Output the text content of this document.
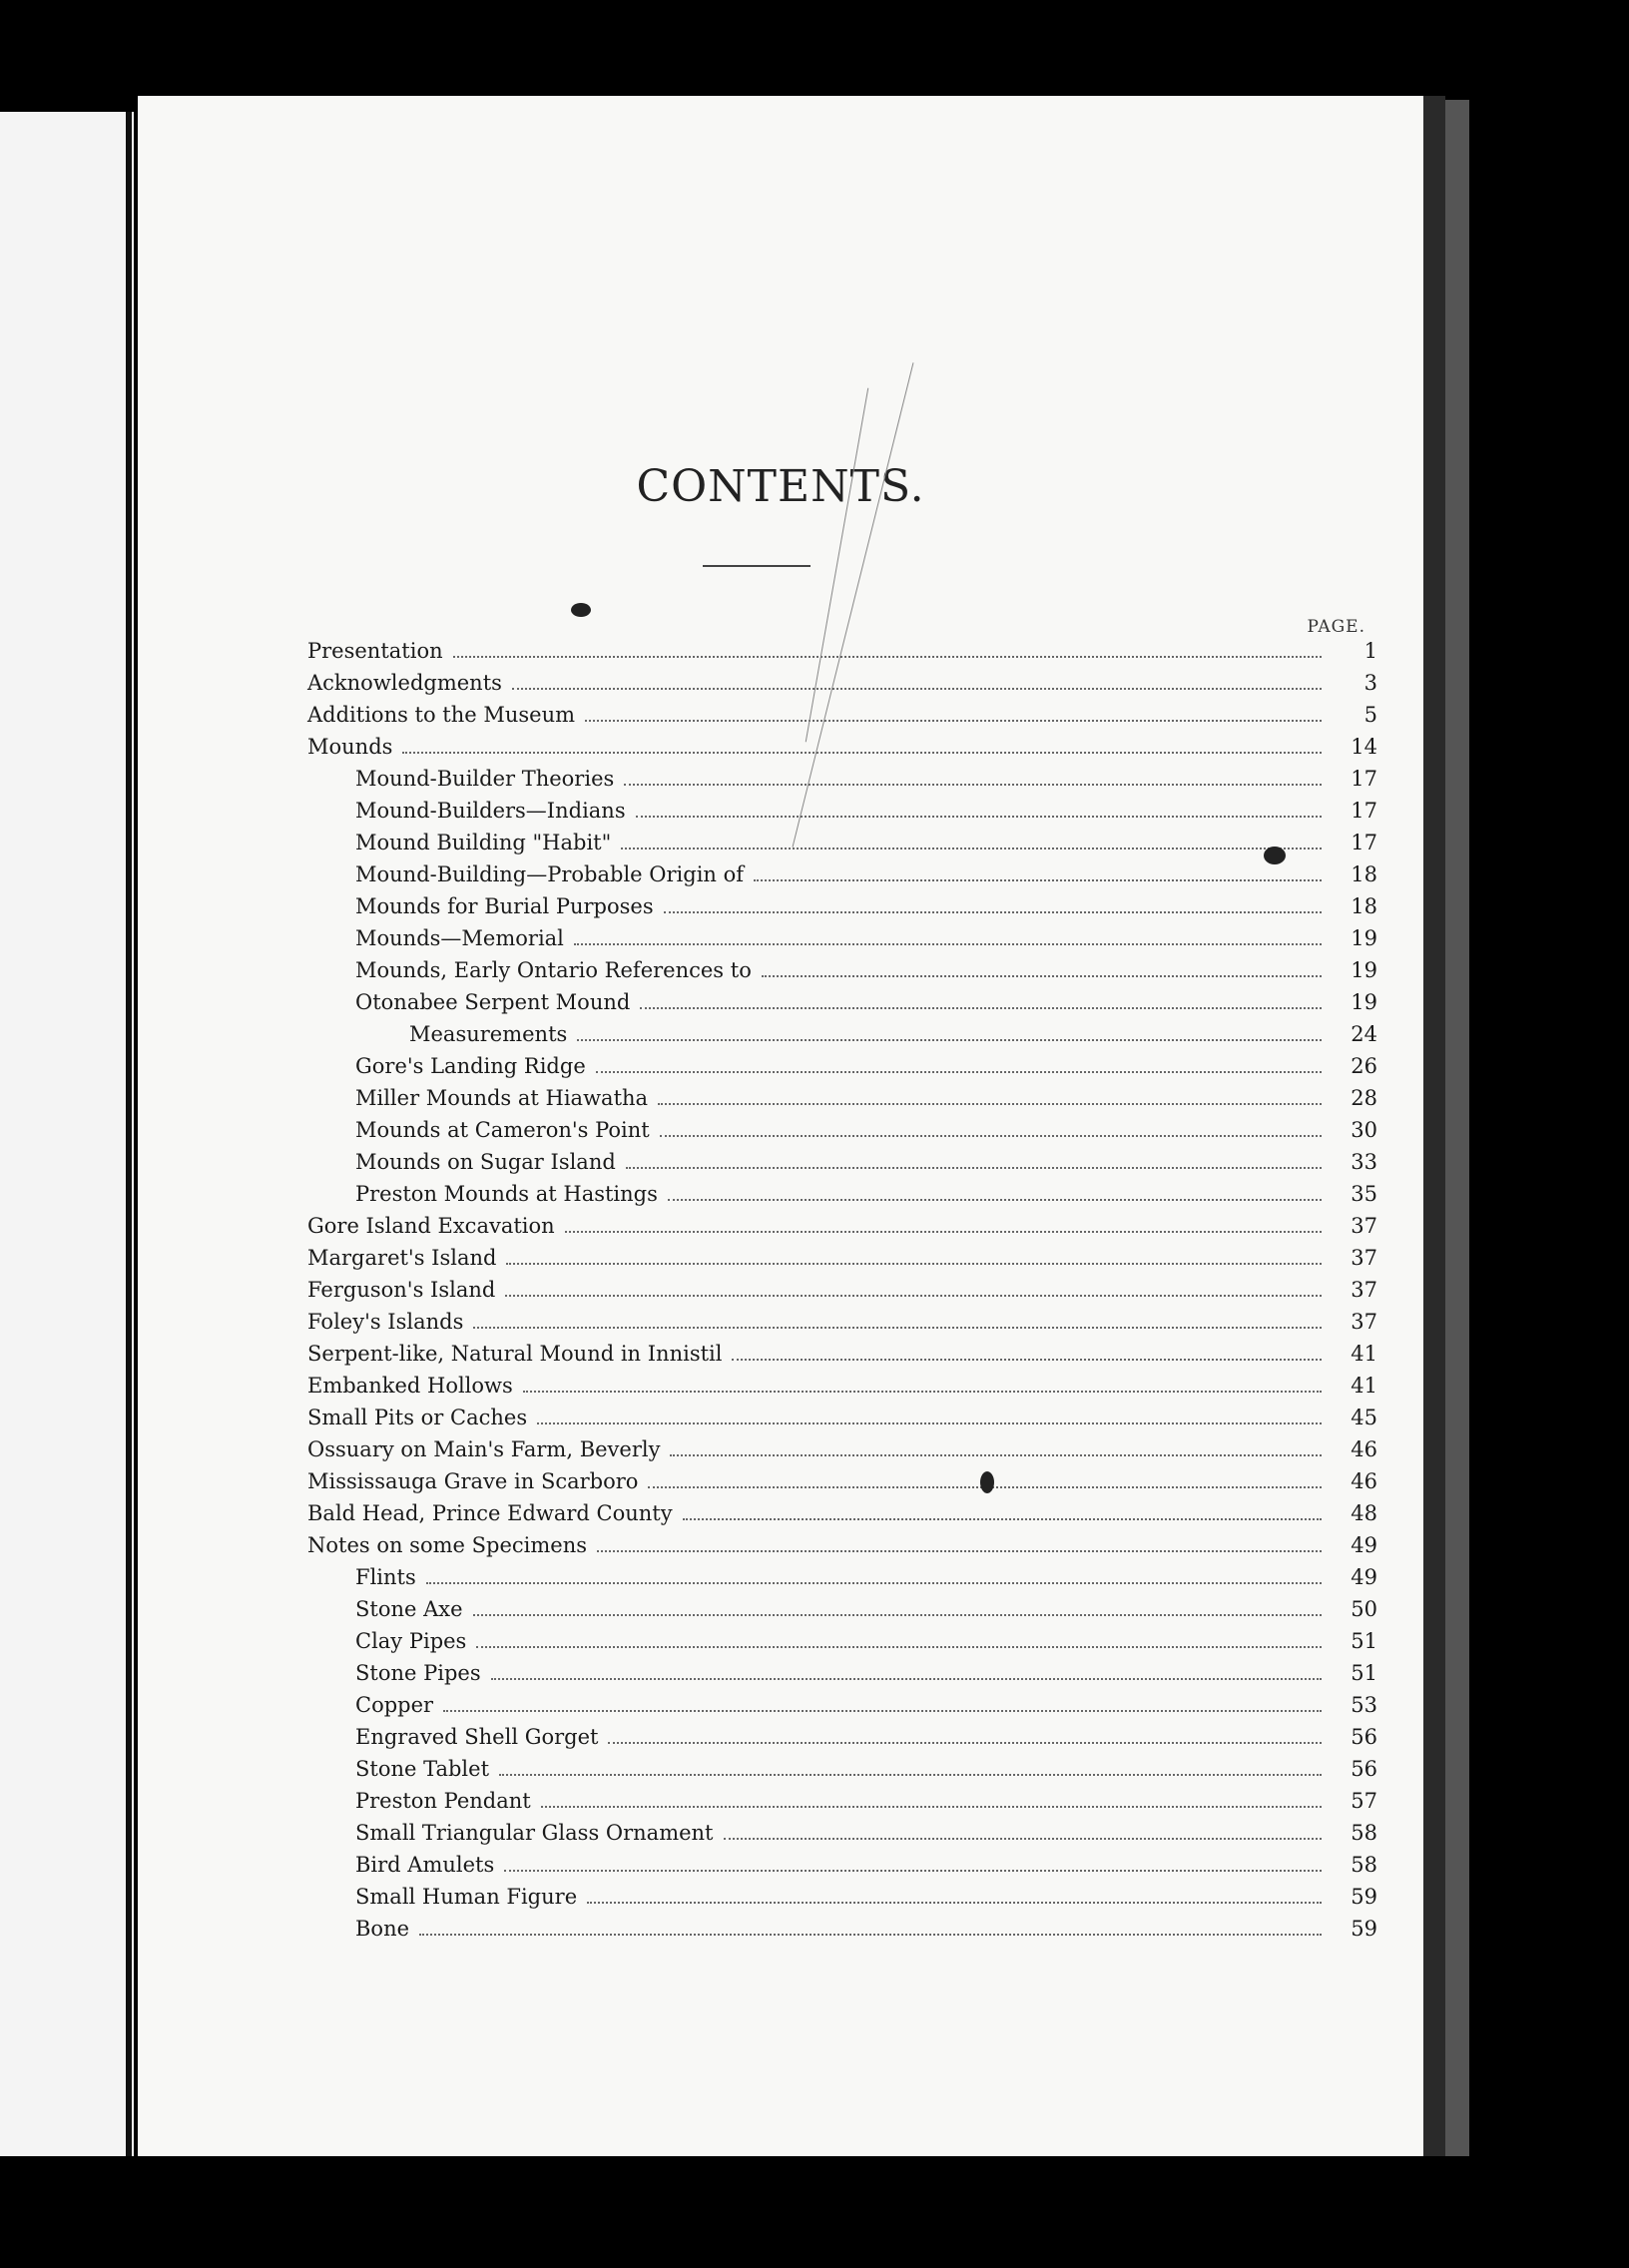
CONTENTS.
PAGE.
Presentation	1
Acknowledgments	3
Additions to the Museum	5
Mounds	14
Mound-Builder Theories	17
Mound-Builders—Indians	17
Mound Building "Habit"	17
Mound-Building—Probable Origin of	18
Mounds for Burial Purposes	18
Mounds—Memorial	19
Mounds, Early Ontario References to	19
Otonabee Serpent Mound	19
Measurements	24
Gore's Landing Ridge	26
Miller Mounds at Hiawatha	28
Mounds at Cameron's Point	30
Mounds on Sugar Island	33
Preston Mounds at Hastings	35
Gore Island Excavation	37
Margaret's Island	37
Ferguson's Island	37
Foley's Islands	37
Serpent-like, Natural Mound in Innistil	41
Embanked Hollows	41
Small Pits or Caches	45
Ossuary on Main's Farm, Beverly	46
Mississauga Grave in Scarboro	46
Bald Head, Prince Edward County	48
Notes on some Specimens	49
Flints	49
Stone Axe	50
Clay Pipes	51
Stone Pipes	51
Copper	53
Engraved Shell Gorget	56
Stone Tablet	56
Preston Pendant	57
Small Triangular Glass Ornament	58
Bird Amulets	58
Small Human Figure	59
Bone	59
